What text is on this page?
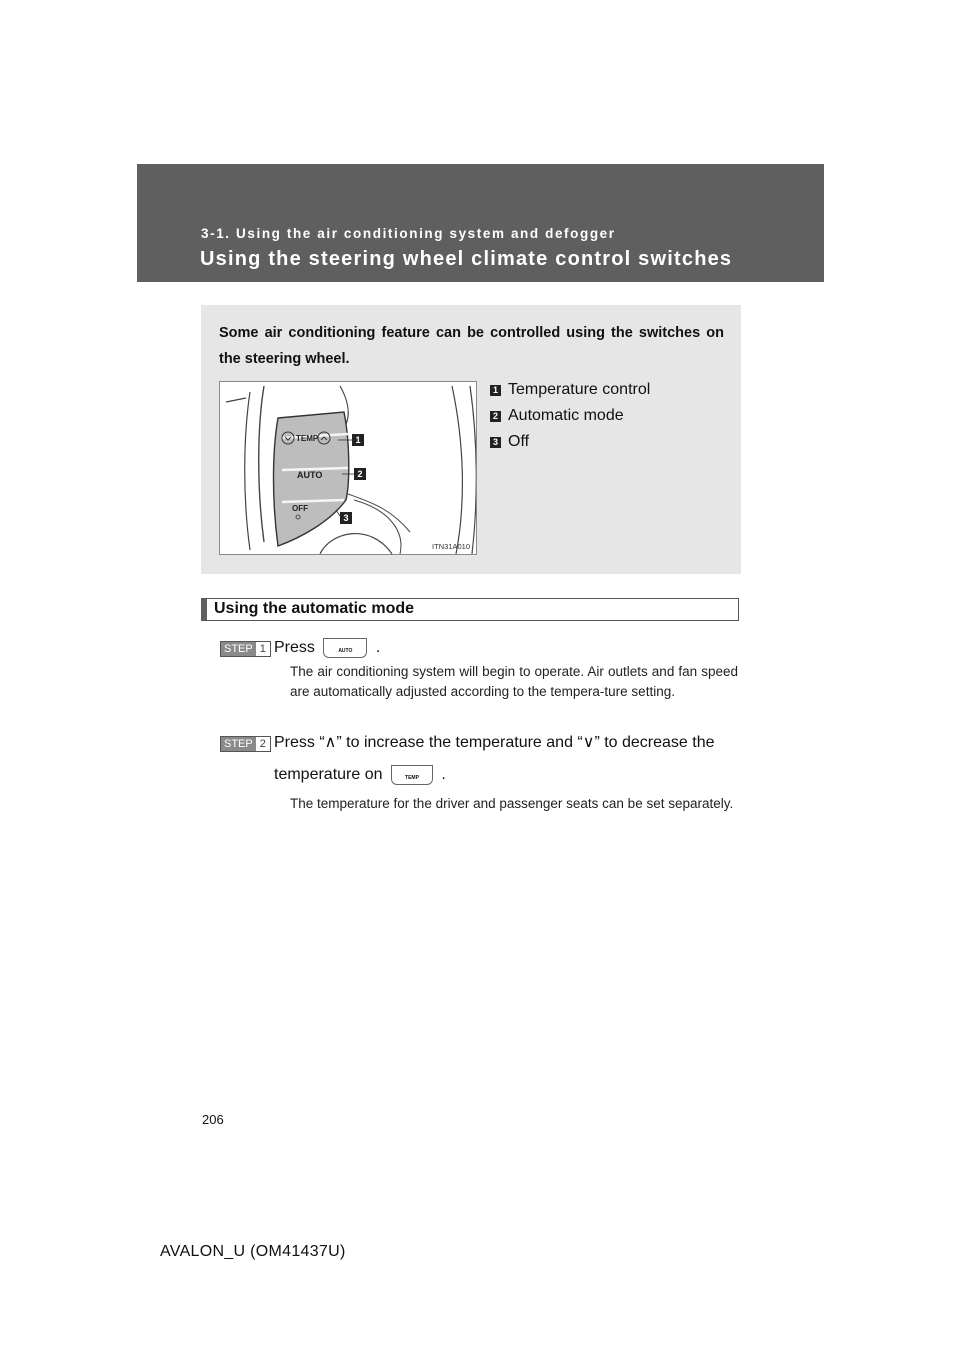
3-1. Using the air conditioning system and defogger
Using the steering wheel climate control switches
Some air conditioning feature can be controlled using the switches on the steering wheel.
TEMP
AUTO
OFF
1
2
3
ITN31A010
1 Temperature control
2 Automatic mode
3 Off
Using the automatic mode
STEP 1 Press	AUTO	.
The air conditioning system will begin to operate. Air outlets and fan speed are automatically adjusted according to the tempera-ture setting.
STEP 2 Press “∧” to increase the temperature and “∨” to decrease the
temperature on	TEMP	.
The temperature for the driver and passenger seats can be set separately.
206
AVALON_U (OM41437U)
